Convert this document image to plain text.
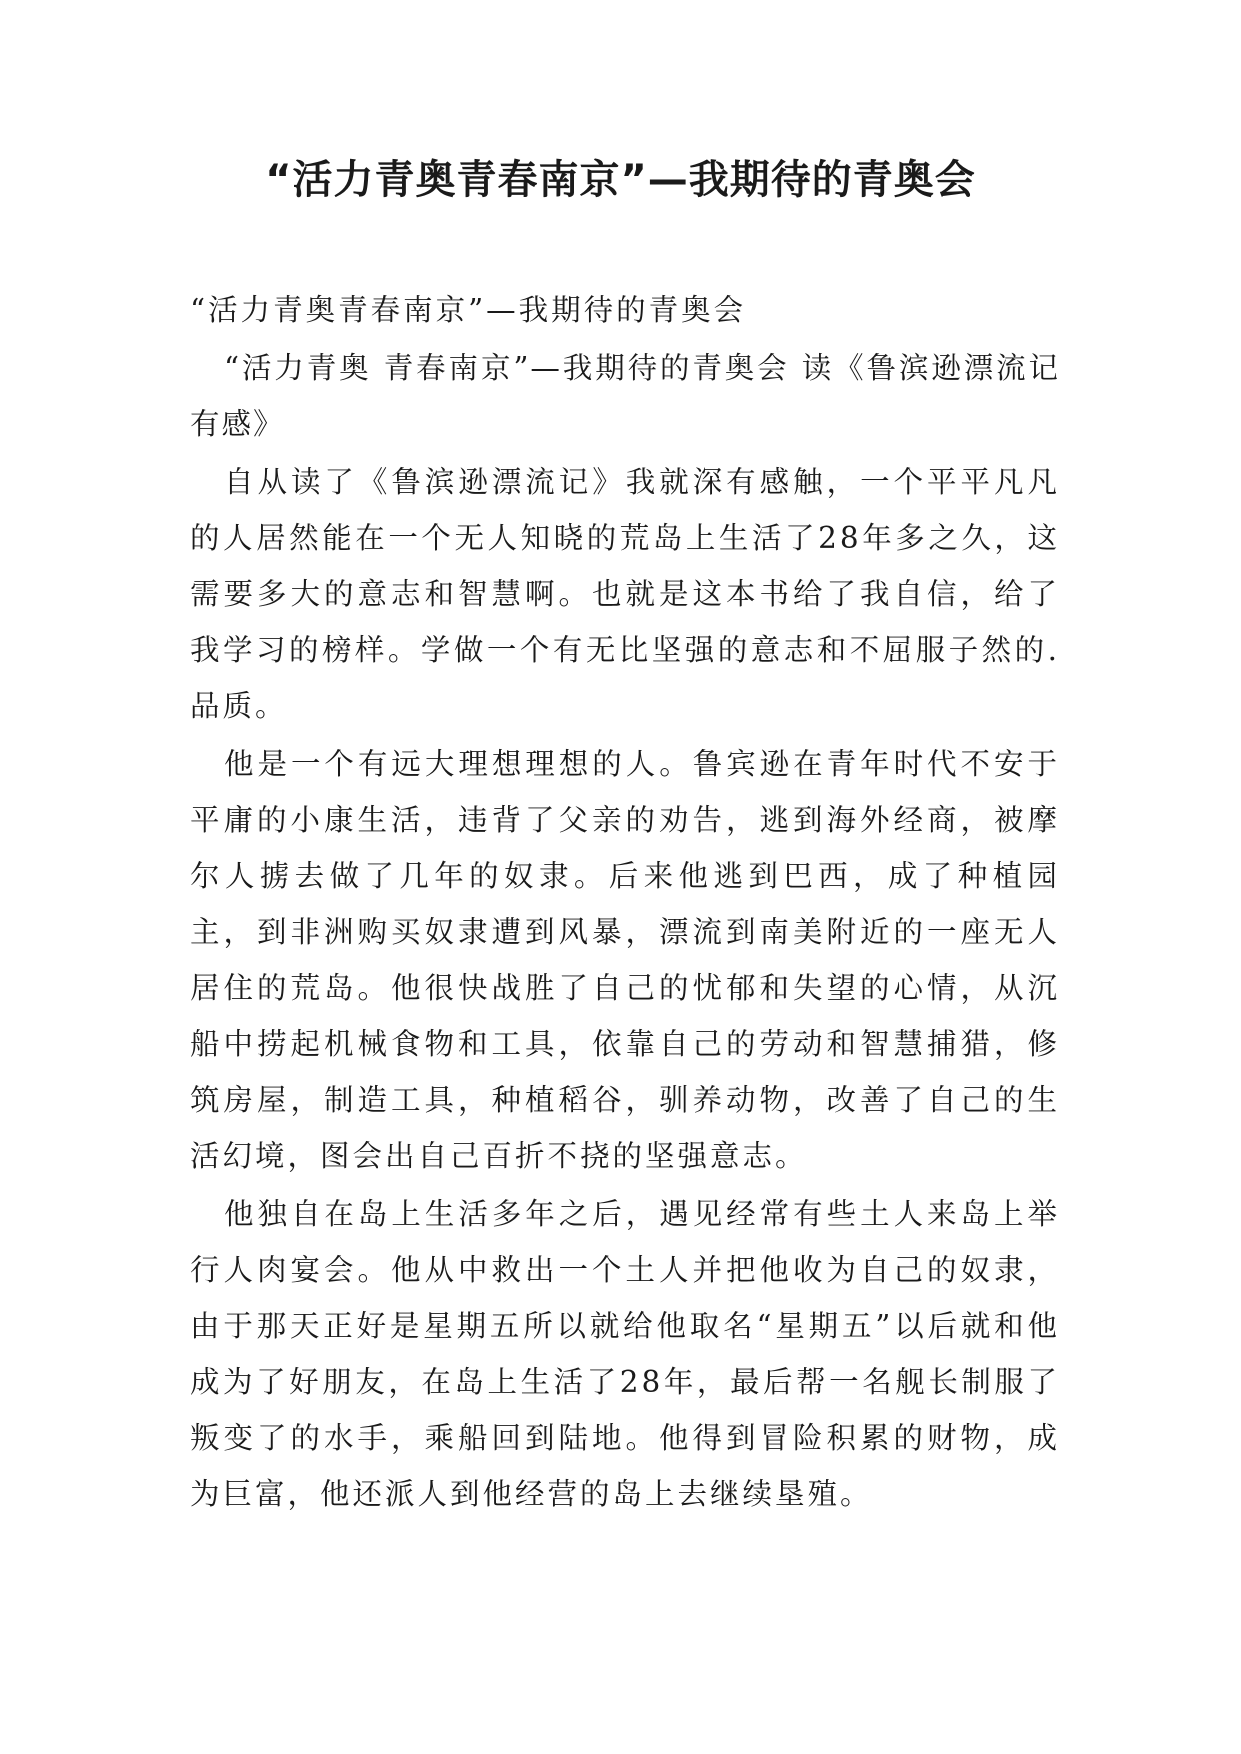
“活力青奥青春南京”—我期待的青奥会

“活力青奥青春南京”—我期待的青奥会

“活力青奥 青春南京”—我期待的青奥会 读《鲁滨逊漂流记有感》

自从读了《鲁滨逊漂流记》我就深有感触，一个平平凡凡的人居然能在一个无人知晓的荒岛上生活了28年多之久，这需要多大的意志和智慧啊。也就是这本书给了我自信，给了我学习的榜样。学做一个有无比坚强的意志和不屈服子然的.品质。

他是一个有远大理想理想的人。鲁宾逊在青年时代不安于平庸的小康生活，违背了父亲的劝告，逃到海外经商，被摩尔人掳去做了几年的奴隶。后来他逃到巴西，成了种植园主，到非洲购买奴隶遭到风暴，漂流到南美附近的一座无人居住的荒岛。他很快战胜了自己的忧郁和失望的心情，从沉船中捞起机械食物和工具，依靠自己的劳动和智慧捕猎，修筑房屋，制造工具，种植稻谷，驯养动物，改善了自己的生活幻境，图会出自己百折不挠的坚强意志。

他独自在岛上生活多年之后，遇见经常有些土人来岛上举行人肉宴会。他从中救出一个土人并把他收为自己的奴隶，由于那天正好是星期五所以就给他取名“星期五”以后就和他成为了好朋友，在岛上生活了28年，最后帮一名舰长制服了叛变了的水手，乘船回到陆地。他得到冒险积累的财物，成为巨富，他还派人到他经营的岛上去继续垦殖。
